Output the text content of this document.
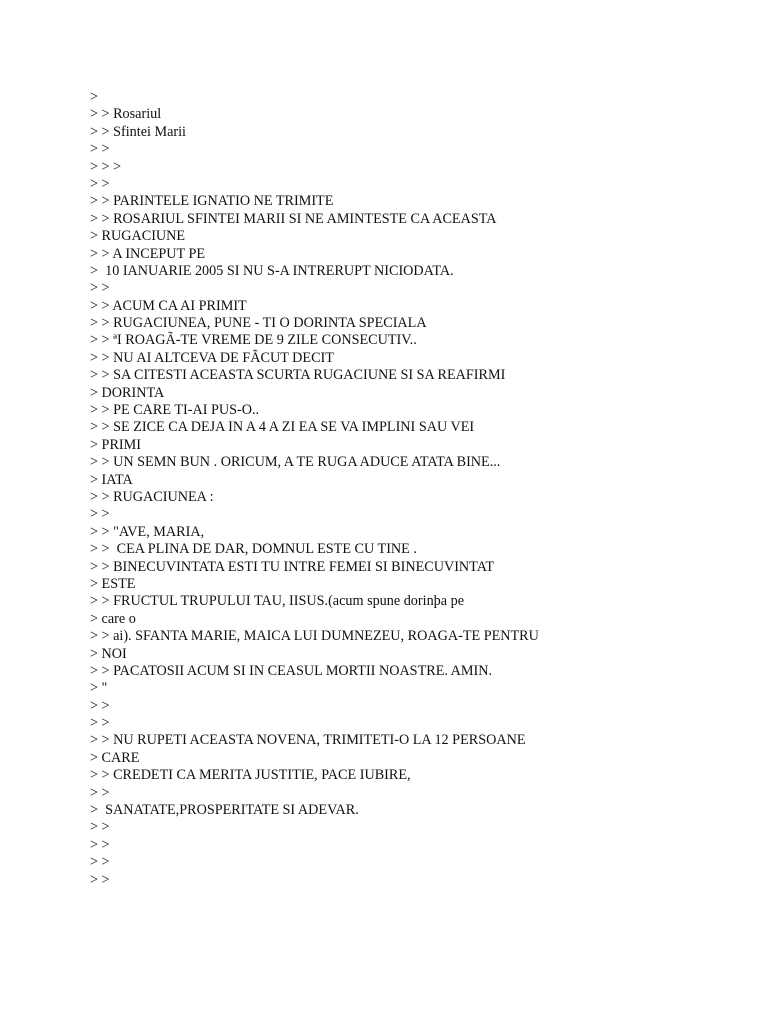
>
> > Rosariul
> > Sfintei Marii
> >
> > >
> >
> > PARINTELE IGNATIO NE TRIMITE
> > ROSARIUL SFINTEI MARII SI NE AMINTESTE CA ACEASTA
> RUGACIUNE
> > A INCEPUT PE
>  10 IANUARIE 2005 SI NU S-A INTRERUPT NICIODATA.
> >
> > ACUM CA AI PRIMIT
> > RUGACIUNEA, PUNE - TI O DORINTA SPECIALA
> > ªI ROAGÃ-TE VREME DE 9 ZILE CONSECUTIV..
> > NU AI ALTCEVA DE FÃCUT DECIT
> > SA CITESTI ACEASTA SCURTA RUGACIUNE SI SA REAFIRMI
> DORINTA
> > PE CARE TI-AI PUS-O..
> > SE ZICE CA DEJA IN A 4 A ZI EA SE VA IMPLINI SAU VEI
> PRIMI
> > UN SEMN BUN . ORICUM, A TE RUGA ADUCE ATATA BINE...
> IATA
> > RUGACIUNEA :
> >
> > "AVE, MARIA,
> >  CEA PLINA DE DAR, DOMNUL ESTE CU TINE .
> > BINECUVINTATA ESTI TU INTRE FEMEI SI BINECUVINTAT
> ESTE
> > FRUCTUL TRUPULUI TAU, IISUS.(acum spune dorinþa pe
> care o
> > ai). SFANTA MARIE, MAICA LUI DUMNEZEU, ROAGA-TE PENTRU
> NOI
> > PACATOSII ACUM SI IN CEASUL MORTII NOASTRE. AMIN.
> "
> >
> >
> > NU RUPETI ACEASTA NOVENA, TRIMITETI-O LA 12 PERSOANE
> CARE
> > CREDETI CA MERITA JUSTITIE, PACE IUBIRE,
> >
>  SANATATE,PROSPERITATE SI ADEVAR.
> >
> >
> >
> >
